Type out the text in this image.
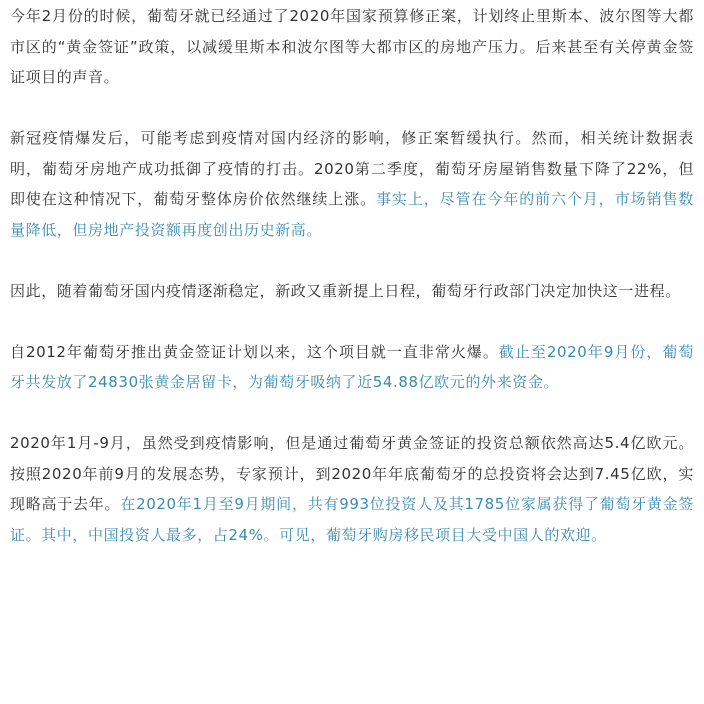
今年2月份的时候，葡萄牙就已经通过了2020年国家预算修正案，计划终止里斯本、波尔图等大都市区的“黄金签证”政策，以减缓里斯本和波尔图等大都市区的房地产压力。后来甚至有关停黄金签证项目的声音。

新冠疫情爆发后，可能考虑到疫情对国内经济的影响，修正案暂缓执行。然而，相关统计数据表明，葡萄牙房地产成功抵御了疫情的打击。2020第二季度，葡萄牙房屋销售数量下降了22%，但即使在这种情况下，葡萄牙整体房价依然继续上涨。事实上，尽管在今年的前六个月，市场销售数量降低，但房地产投资额再度创出历史新高。

因此，随着葡萄牙国内疫情逐渐稳定，新政又重新提上日程，葡萄牙行政部门决定加快这一进程。

自2012年葡萄牙推出黄金签证计划以来，这个项目就一直非常火爆。截止至2020年9月份，葡萄牙共发放了24830张黄金居留卡，为葡萄牙吸纳了近54.88亿欧元的外来资金。

2020年1月-9月，虽然受到疫情影响，但是通过葡萄牙黄金签证的投资总额依然高达5.4亿欧元。按照2020年前9月的发展态势，专家预计，到2020年年底葡萄牙的总投资将会达到7.45亿欧，实现略高于去年。在2020年1月至9月期间，共有993位投资人及其1785位家属获得了葡萄牙黄金签证。其中，中国投资人最多，占24%。可见，葡萄牙购房移民项目大受中国人的欢迎。
